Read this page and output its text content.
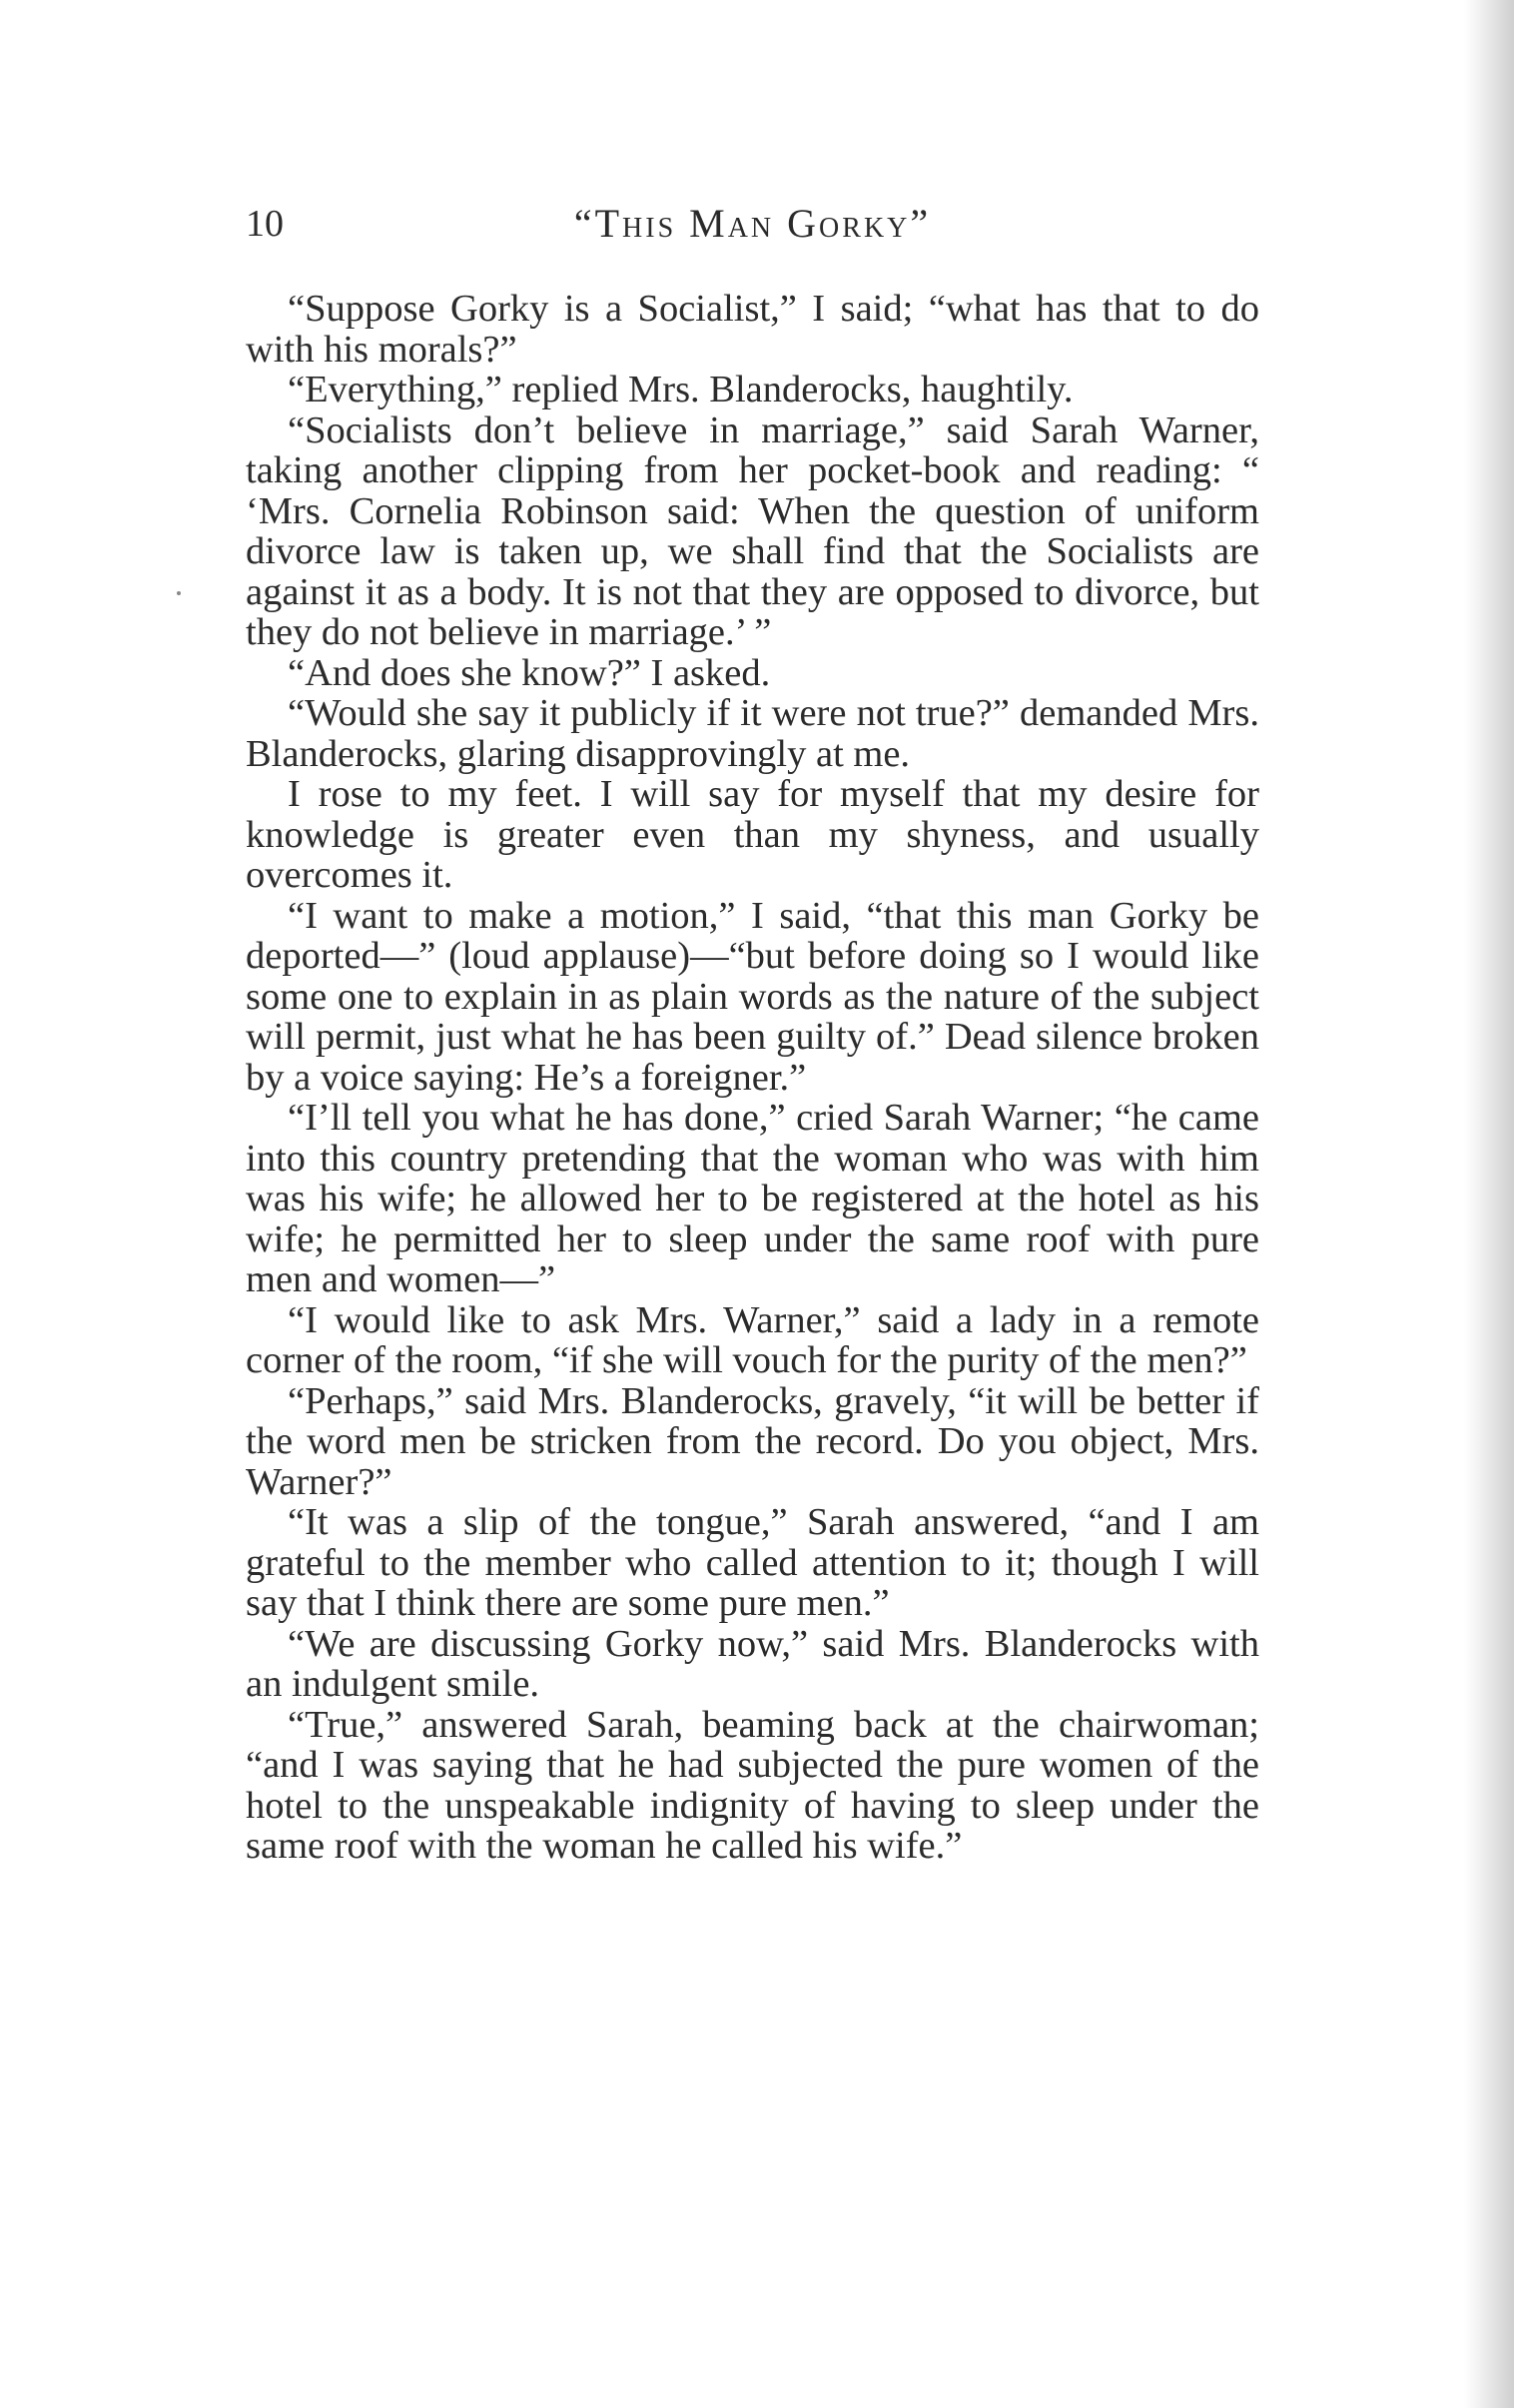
10	“This Man Gorky”

“Suppose Gorky is a Socialist,” I said; “what has that to do with his morals?”

“Everything,” replied Mrs. Blanderocks, haughtily.

“Socialists don’t believe in marriage,” said Sarah Warner, taking another clipping from her pocket-book and reading: “ ‘Mrs. Cornelia Robinson said: When the question of uniform divorce law is taken up, we shall find that the Socialists are against it as a body. It is not that they are opposed to divorce, but they do not believe in marriage.’ ”

“And does she know?” I asked.

“Would she say it publicly if it were not true?” demanded Mrs. Blanderocks, glaring disapprovingly at me.

I rose to my feet. I will say for myself that my desire for knowledge is greater even than my shyness, and usually overcomes it.

“I want to make a motion,” I said, “that this man Gorky be deported—” (loud applause)—“but before doing so I would like some one to explain in as plain words as the nature of the subject will permit, just what he has been guilty of.” Dead silence broken by a voice saying: He’s a foreigner.”

“I’ll tell you what he has done,” cried Sarah Warner; “he came into this country pretending that the woman who was with him was his wife; he allowed her to be registered at the hotel as his wife; he permitted her to sleep under the same roof with pure men and women—”

“I would like to ask Mrs. Warner,” said a lady in a remote corner of the room, “if she will vouch for the purity of the men?”

“Perhaps,” said Mrs. Blanderocks, gravely, “it will be better if the word men be stricken from the record. Do you object, Mrs. Warner?”

“It was a slip of the tongue,” Sarah answered, “and I am grateful to the member who called attention to it; though I will say that I think there are some pure men.”

“We are discussing Gorky now,” said Mrs. Blanderocks with an indulgent smile.

“True,” answered Sarah, beaming back at the chairwoman; “and I was saying that he had subjected the pure women of the hotel to the unspeakable indignity of having to sleep under the same roof with the woman he called his wife.”
